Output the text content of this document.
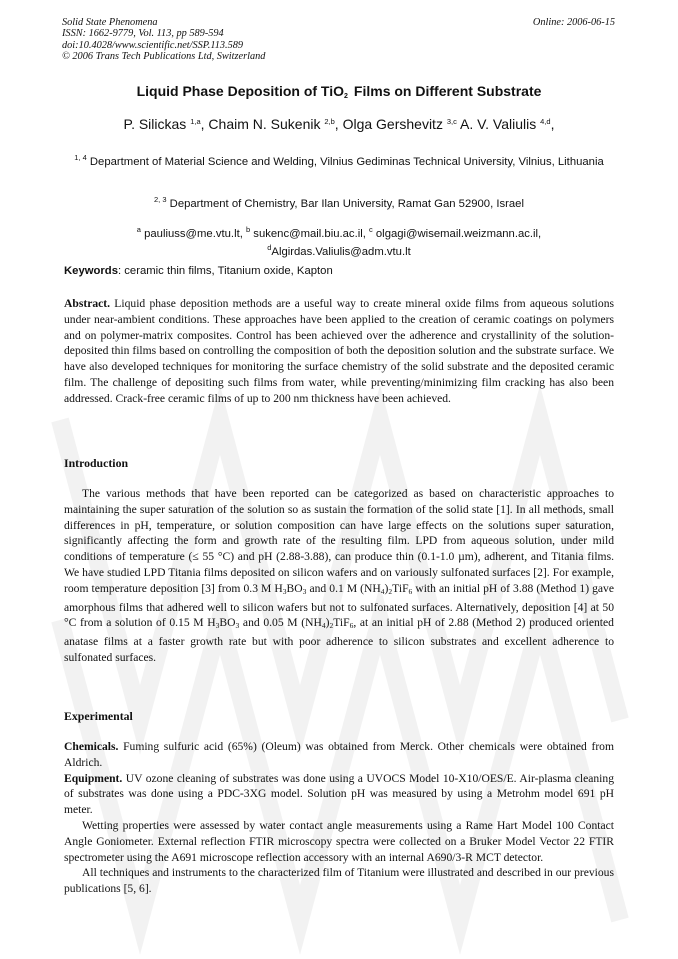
Solid State Phenomena
ISSN: 1662-9779, Vol. 113, pp 589-594
doi:10.4028/www.scientific.net/SSP.113.589
© 2006 Trans Tech Publications Ltd, Switzerland
Online: 2006-06-15
Liquid Phase Deposition of TiO$_2$ Films on Different Substrate
P. Silickas $^{1,a}$, Chaim N. Sukenik $^{2,b}$, Olga Gershevitz $^{3,c}$ A. V. Valiulis $^{4,d}$,
$^{1, 4}$ Department of Material Science and Welding, Vilnius Gediminas Technical University, Vilnius, Lithuania
$^{2, 3}$ Department of Chemistry, Bar Ilan University, Ramat Gan 52900, Israel
$^a$ pauliuss@me.vtu.lt, $^b$ sukenc@mail.biu.ac.il, $^c$ olgagi@wisemail.weizmann.ac.il,
$^d$Algirdas.Valiulis@adm.vtu.lt
Keywords: ceramic thin films, Titanium oxide, Kapton
Abstract. Liquid phase deposition methods are a useful way to create mineral oxide films from aqueous solutions under near-ambient conditions. These approaches have been applied to the creation of ceramic coatings on polymers and on polymer-matrix composites. Control has been achieved over the adherence and crystallinity of the solution-deposited thin films based on controlling the composition of both the deposition solution and the substrate surface. We have also developed techniques for monitoring the surface chemistry of the solid substrate and the deposited ceramic film. The challenge of depositing such films from water, while preventing/minimizing film cracking has also been addressed. Crack-free ceramic films of up to 200 nm thickness have been achieved.
Introduction
The various methods that have been reported can be categorized as based on characteristic approaches to maintaining the super saturation of the solution so as sustain the formation of the solid state [1]. In all methods, small differences in pH, temperature, or solution composition can have large effects on the solutions super saturation, significantly affecting the form and growth rate of the resulting film. LPD from aqueous solution, under mild conditions of temperature (≤ 55 °C) and pH (2.88-3.88), can produce thin (0.1-1.0 µm), adherent, and Titania films. We have studied LPD Titania films deposited on silicon wafers and on variously sulfonated surfaces [2]. For example, room temperature deposition [3] from 0.3 M $H_3BO_3$ and 0.1 M $(NH_4)_2TiF_6$ with an initial pH of 3.88 (Method 1) gave amorphous films that adhered well to silicon wafers but not to sulfonated surfaces. Alternatively, deposition [4] at 50 °C from a solution of 0.15 M $H_3BO_3$ and 0.05 M $(NH_4)_2TiF_6$, at an initial pH of 2.88 (Method 2) produced oriented anatase films at a faster growth rate but with poor adherence to silicon substrates and excellent adherence to sulfonated surfaces.
Experimental
Chemicals. Fuming sulfuric acid (65%) (Oleum) was obtained from Merck. Other chemicals were obtained from Aldrich.
Equipment. UV ozone cleaning of substrates was done using a UVOCS Model 10-X10/OES/E. Air-plasma cleaning of substrates was done using a PDC-3XG model. Solution pH was measured by using a Metrohm model 691 pH meter.
Wetting properties were assessed by water contact angle measurements using a Rame Hart Model 100 Contact Angle Goniometer. External reflection FTIR microscopy spectra were collected on a Bruker Model Vector 22 FTIR spectrometer using the A691 microscope reflection accessory with an internal A690/3-R MCT detector.
All techniques and instruments to the characterized film of Titanium were illustrated and described in our previous publications [5, 6].
